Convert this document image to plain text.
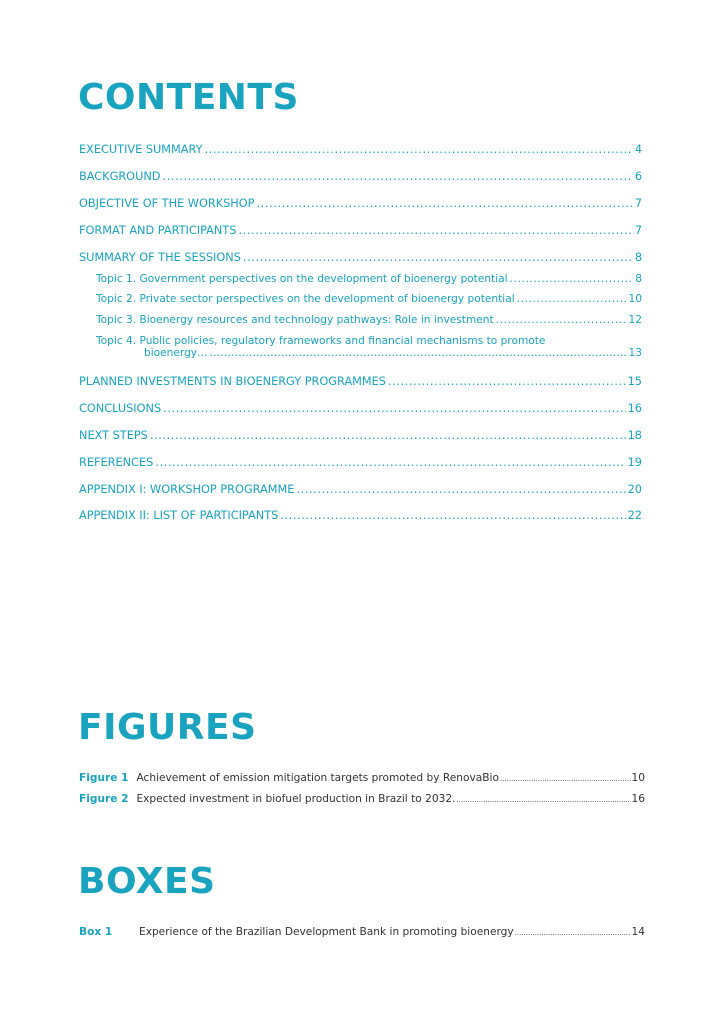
CONTENTS
EXECUTIVE SUMMARY .....	4
BACKGROUND .....	6
OBJECTIVE OF THE WORKSHOP .....	7
FORMAT AND PARTICIPANTS .....	7
SUMMARY OF THE SESSIONS .....	8
Topic 1. Government perspectives on the development of bioenergy potential .....	8
Topic 2. Private sector perspectives on the development of bioenergy potential .....	10
Topic 3. Bioenergy resources and technology pathways: Role in investment .....	12
Topic 4. Public policies, regulatory frameworks and financial mechanisms to promote
bioenergy… .....	13
PLANNED INVESTMENTS IN BIOENERGY PROGRAMMES .....	15
CONCLUSIONS .....	16
NEXT STEPS .....	18
REFERENCES .....	19
APPENDIX I: WORKSHOP PROGRAMME .....	20
APPENDIX II: LIST OF PARTICIPANTS .....	22
FIGURES
Figure 1 Achievement of emission mitigation targets promoted by RenovaBio .....	10
Figure 2 Expected investment in biofuel production in Brazil to 2032. .....	16
BOXES
Box 1	Experience of the Brazilian Development Bank in promoting bioenergy .....	14
